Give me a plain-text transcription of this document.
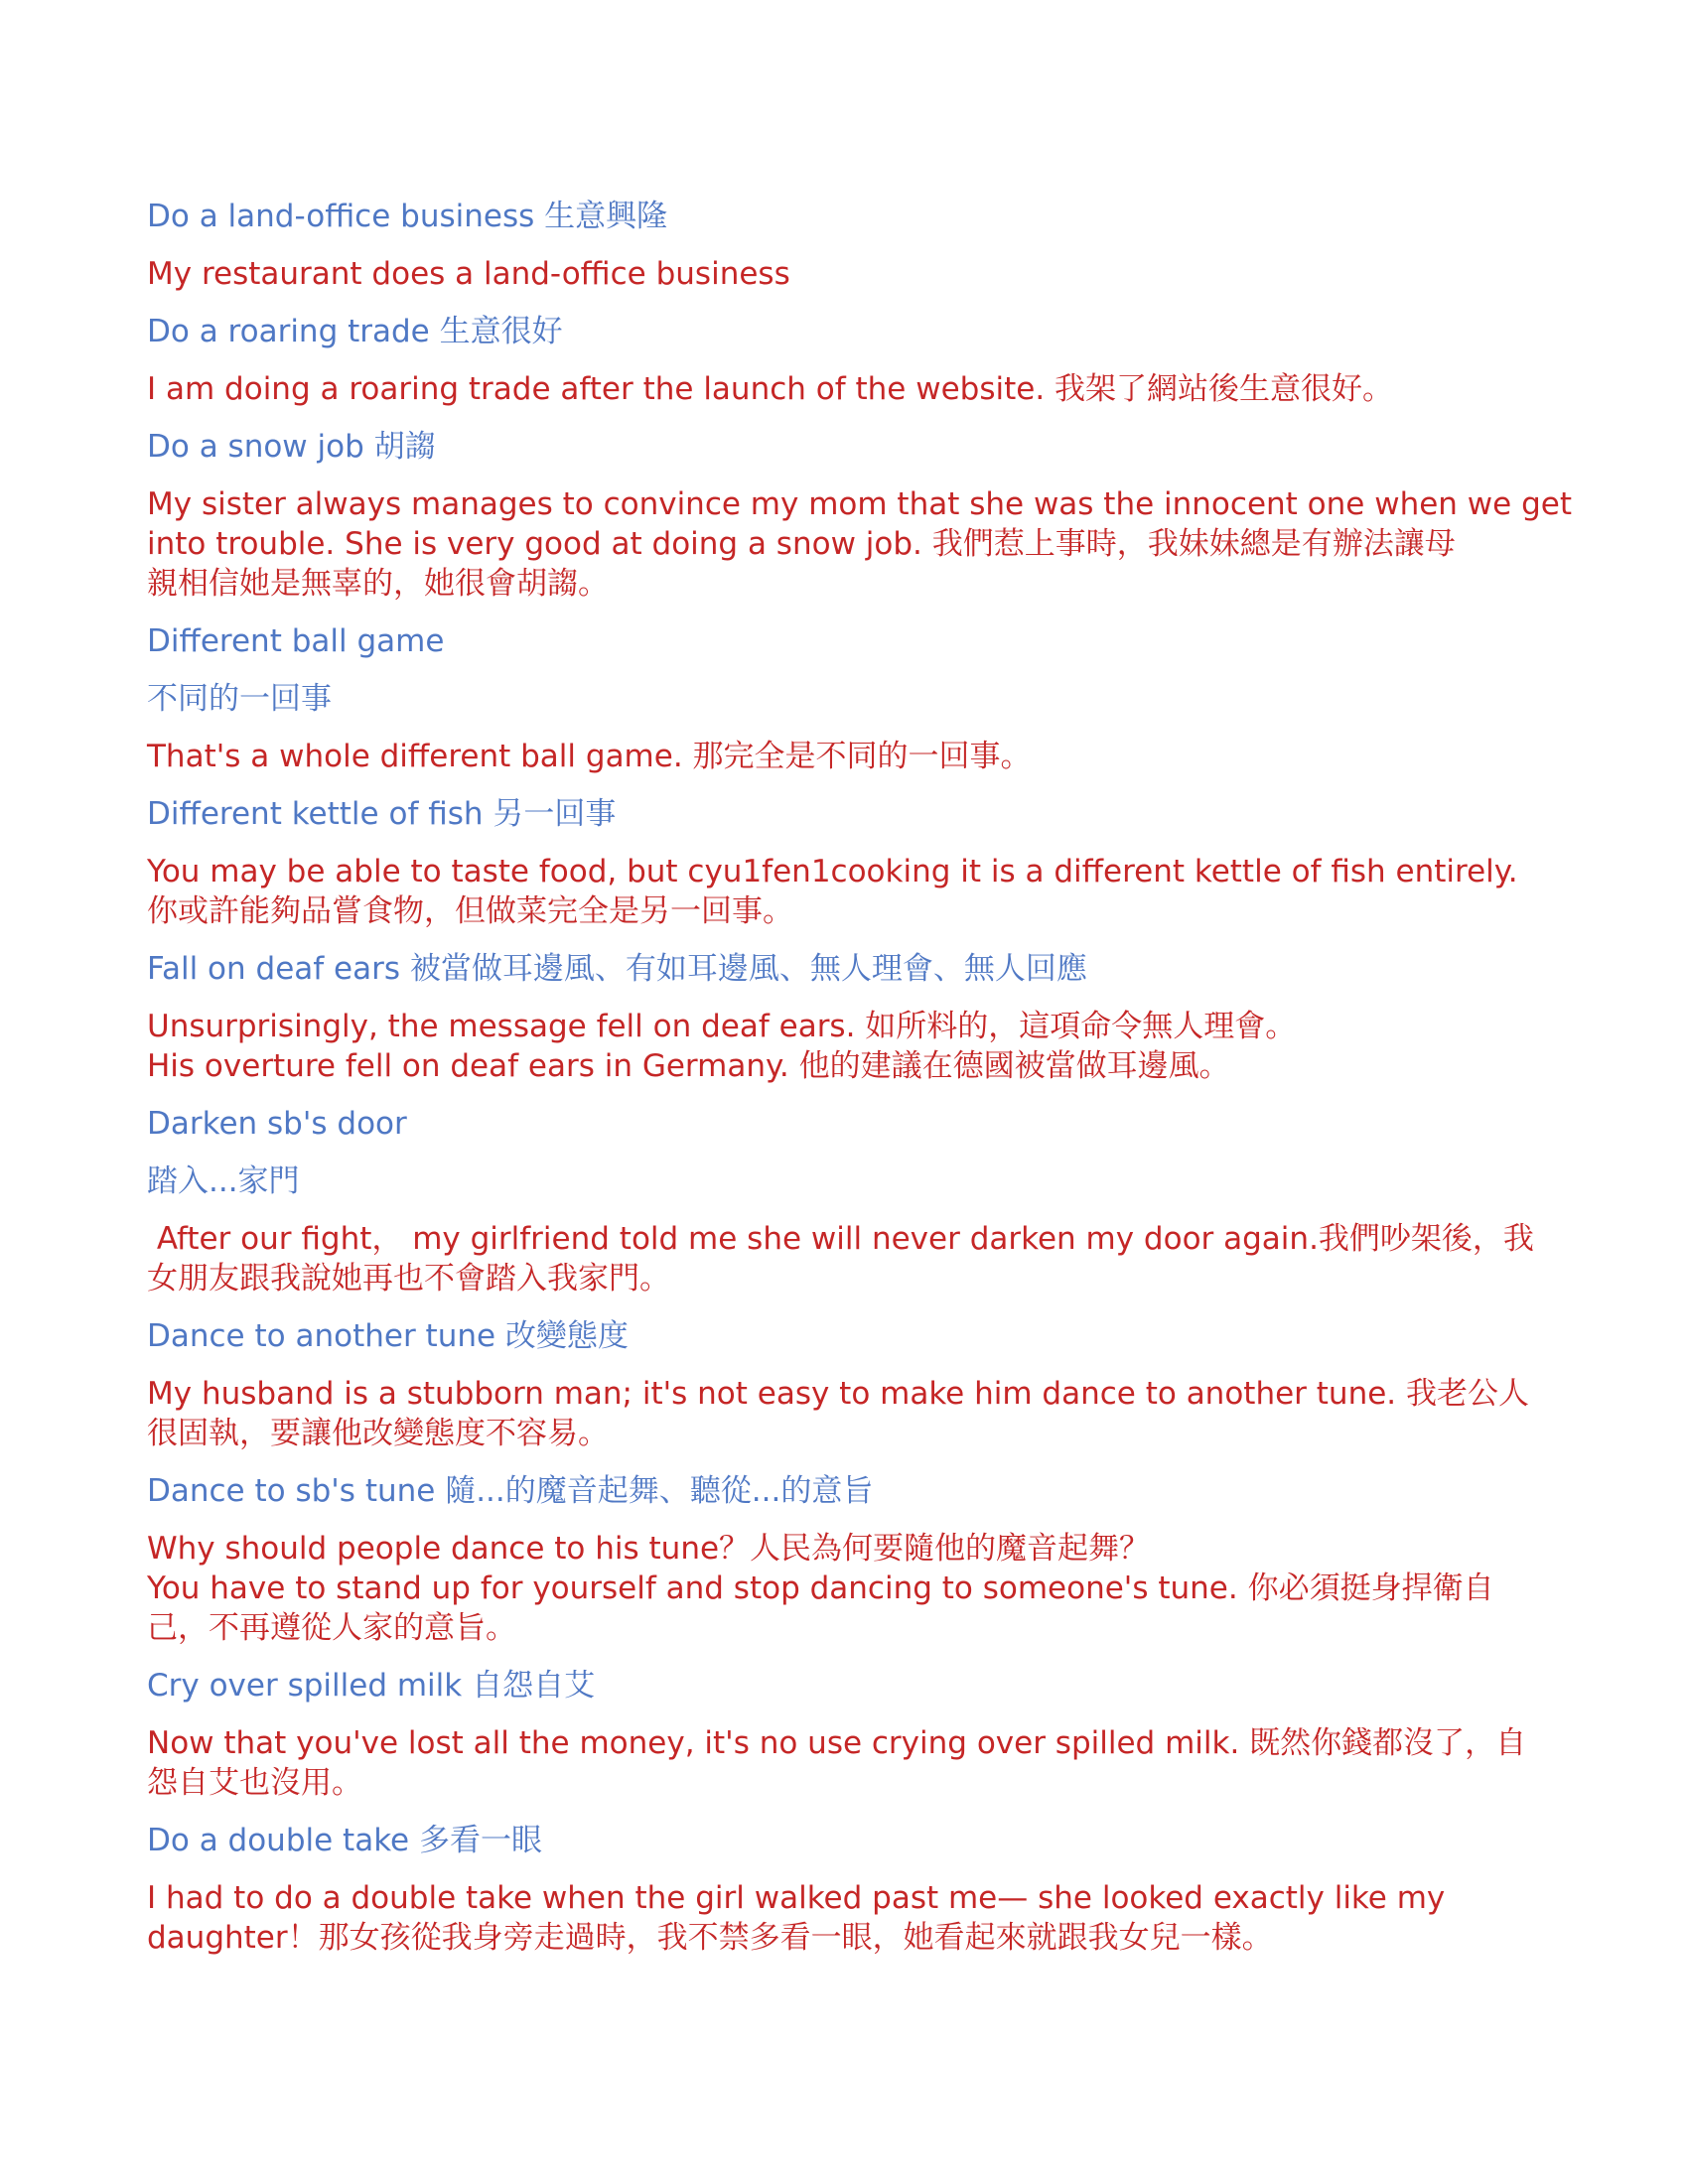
Do a land-office business 生意興隆
My restaurant does a land-office business
Do a roaring trade 生意很好
I am doing a roaring trade after the launch of the website. 我架了網站後生意很好。
Do a snow job 胡謅
My sister always manages to convince my mom that she was the innocent one when we get
into trouble. She is very good at doing a snow job. 我們惹上事時，我妹妹總是有辦法讓母
親相信她是無辜的，她很會胡謅。
Different ball game
不同的一回事
That's a whole different ball game. 那完全是不同的一回事。
Different kettle of fish 另一回事
You may be able to taste food, but cyu1fen1cooking it is a different kettle of fish entirely.
你或許能夠品嘗食物，但做菜完全是另一回事。
Fall on deaf ears 被當做耳邊風、有如耳邊風、無人理會、無人回應
Unsurprisingly, the message fell on deaf ears. 如所料的，這項命令無人理會。
His overture fell on deaf ears in Germany. 他的建議在德國被當做耳邊風。
Darken sb's door
踏入...家門
After our fight， my girlfriend told me she will never darken my door again.我們吵架後，我
女朋友跟我說她再也不會踏入我家門。
Dance to another tune 改變態度
My husband is a stubborn man; it's not easy to make him dance to another tune. 我老公人
很固執，要讓他改變態度不容易。
Dance to sb's tune 隨...的魔音起舞、聽從...的意旨
Why should people dance to his tune？人民為何要隨他的魔音起舞？
You have to stand up for yourself and stop dancing to someone's tune. 你必須挺身捍衛自
己，不再遵從人家的意旨。
Cry over spilled milk 自怨自艾
Now that you've lost all the money, it's no use crying over spilled milk. 既然你錢都沒了，自
怨自艾也沒用。
Do a double take 多看一眼
I had to do a double take when the girl walked past me— she looked exactly like my
daughter！那女孩從我身旁走過時，我不禁多看一眼，她看起來就跟我女兒一樣。
